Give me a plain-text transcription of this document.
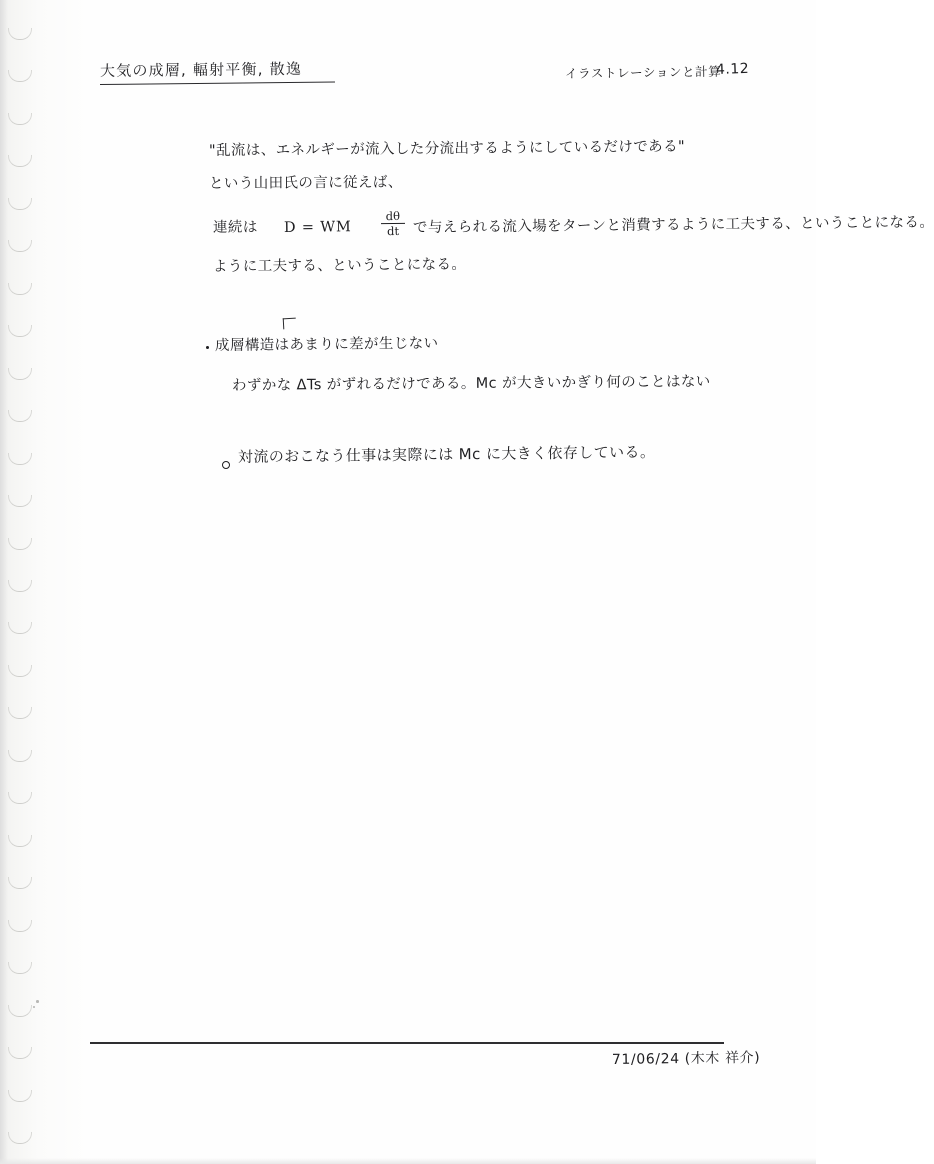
大気の成層, 輻射平衡, 散逸	イラストレーションと計算
4.12
"乱流は、エネルギーが流入した分流出するようにしているだけである"
という山田氏の言に従えば、
連続は D = WM
dθ
dt で与えられる流入場をターンと消費するように工夫する、ということになる。
ように工夫する、ということになる。
成層構造はあまりに差が生じない
わずかな ΔTs がずれるだけである。Mc が大きいかぎり何のことはない
対流のおこなう仕事は実際には Mc に大きく依存している。
71/06/24 (木木 祥介)
